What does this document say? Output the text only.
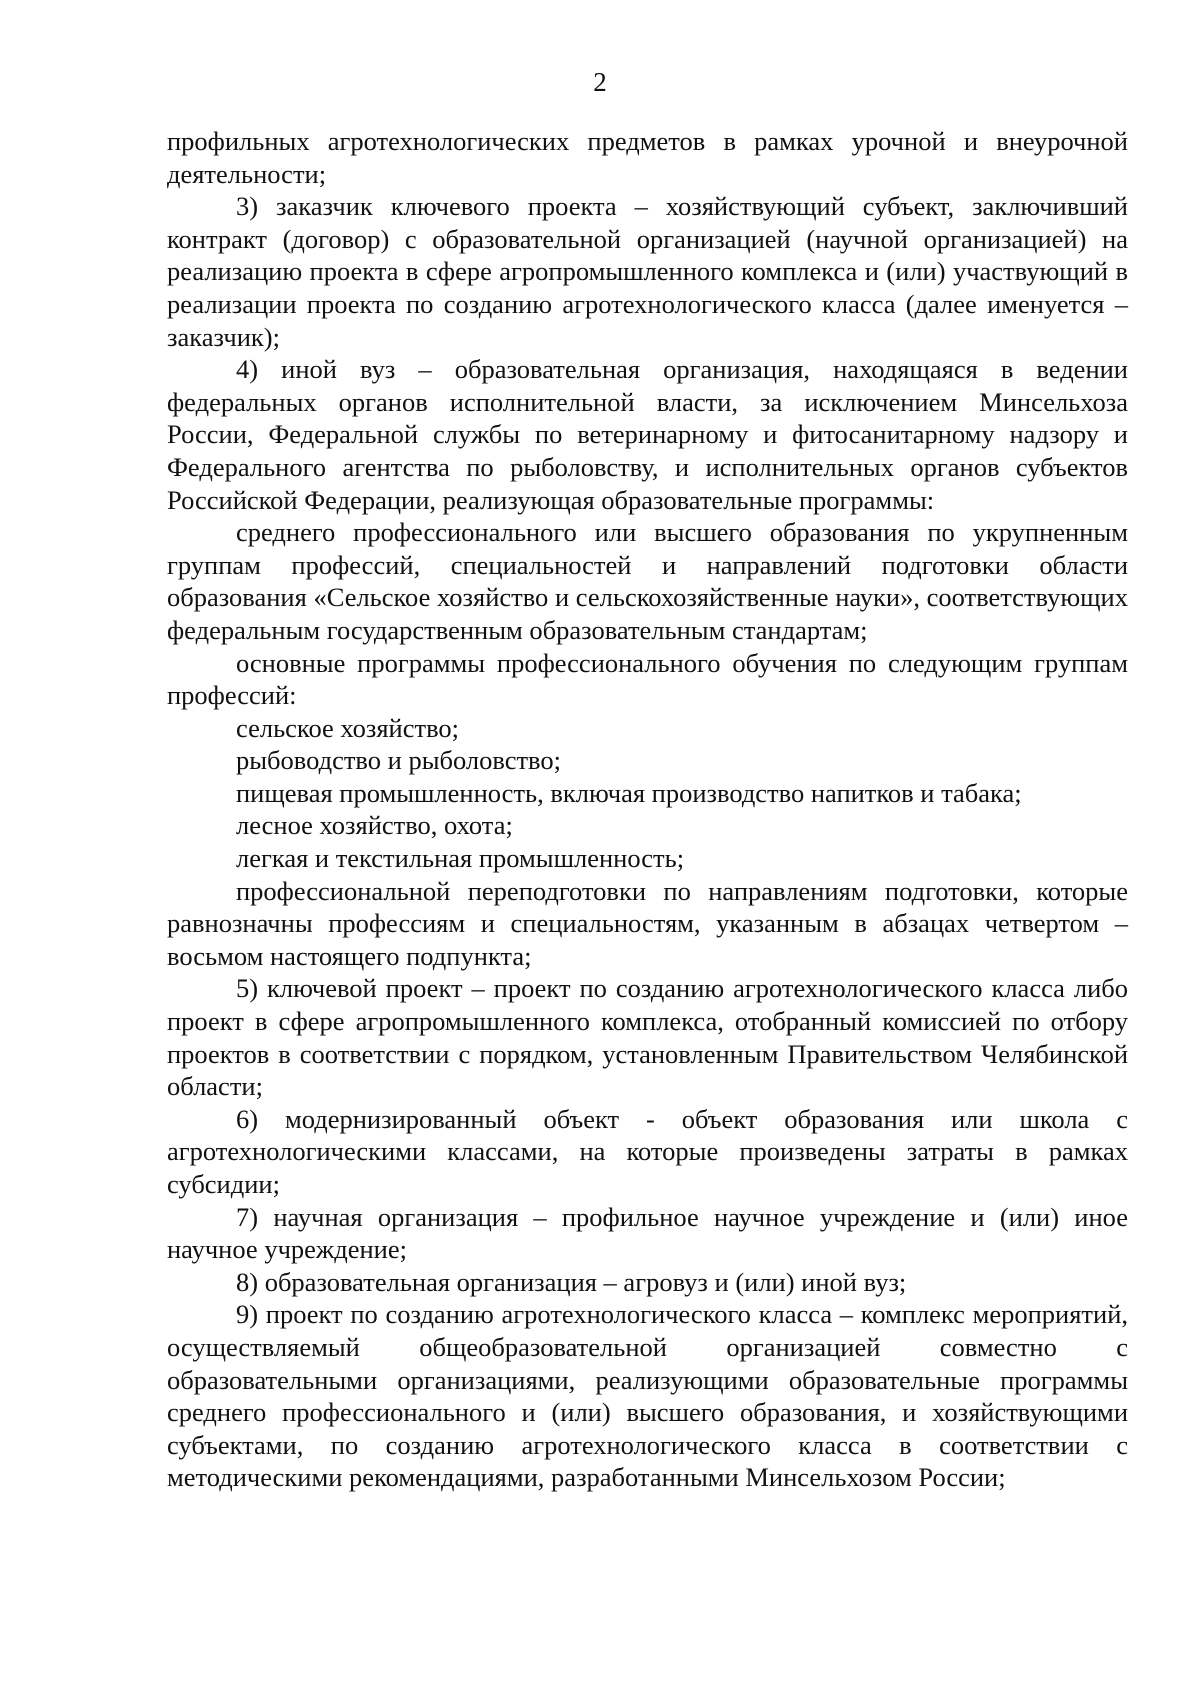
2

профильных агротехнологических предметов в рамках урочной и внеурочной деятельности;

3) заказчик ключевого проекта – хозяйствующий субъект, заключивший контракт (договор) с образовательной организацией (научной организацией) на реализацию проекта в сфере агропромышленного комплекса и (или) участвующий в реализации проекта по созданию агротехнологического класса (далее именуется – заказчик);

4) иной вуз – образовательная организация, находящаяся в ведении федеральных органов исполнительной власти, за исключением Минсельхоза России, Федеральной службы по ветеринарному и фитосанитарному надзору и Федерального агентства по рыболовству, и исполнительных органов субъектов Российской Федерации, реализующая образовательные программы:

среднего профессионального или высшего образования по укрупненным группам профессий, специальностей и направлений подготовки области образования «Сельское хозяйство и сельскохозяйственные науки», соответствующих федеральным государственным образовательным стандартам;

основные программы профессионального обучения по следующим группам профессий:

сельское хозяйство;

рыбоводство и рыболовство;

пищевая промышленность, включая производство напитков и табака;

лесное хозяйство, охота;

легкая и текстильная промышленность;

профессиональной переподготовки по направлениям подготовки, которые равнозначны профессиям и специальностям, указанным в абзацах четвертом – восьмом настоящего подпункта;

5) ключевой проект – проект по созданию агротехнологического класса либо проект в сфере агропромышленного комплекса, отобранный комиссией по отбору проектов в соответствии с порядком, установленным Правительством Челябинской области;

6) модернизированный объект - объект образования или школа с агротехнологическими классами, на которые произведены затраты в рамках субсидии;

7) научная организация – профильное научное учреждение и (или) иное научное учреждение;

8) образовательная организация – агровуз и (или) иной вуз;

9) проект по созданию агротехнологического класса – комплекс мероприятий, осуществляемый общеобразовательной организацией совместно с образовательными организациями, реализующими образовательные программы среднего профессионального и (или) высшего образования, и хозяйствующими субъектами, по созданию агротехнологического класса в соответствии с методическими рекомендациями, разработанными Минсельхозом России;
